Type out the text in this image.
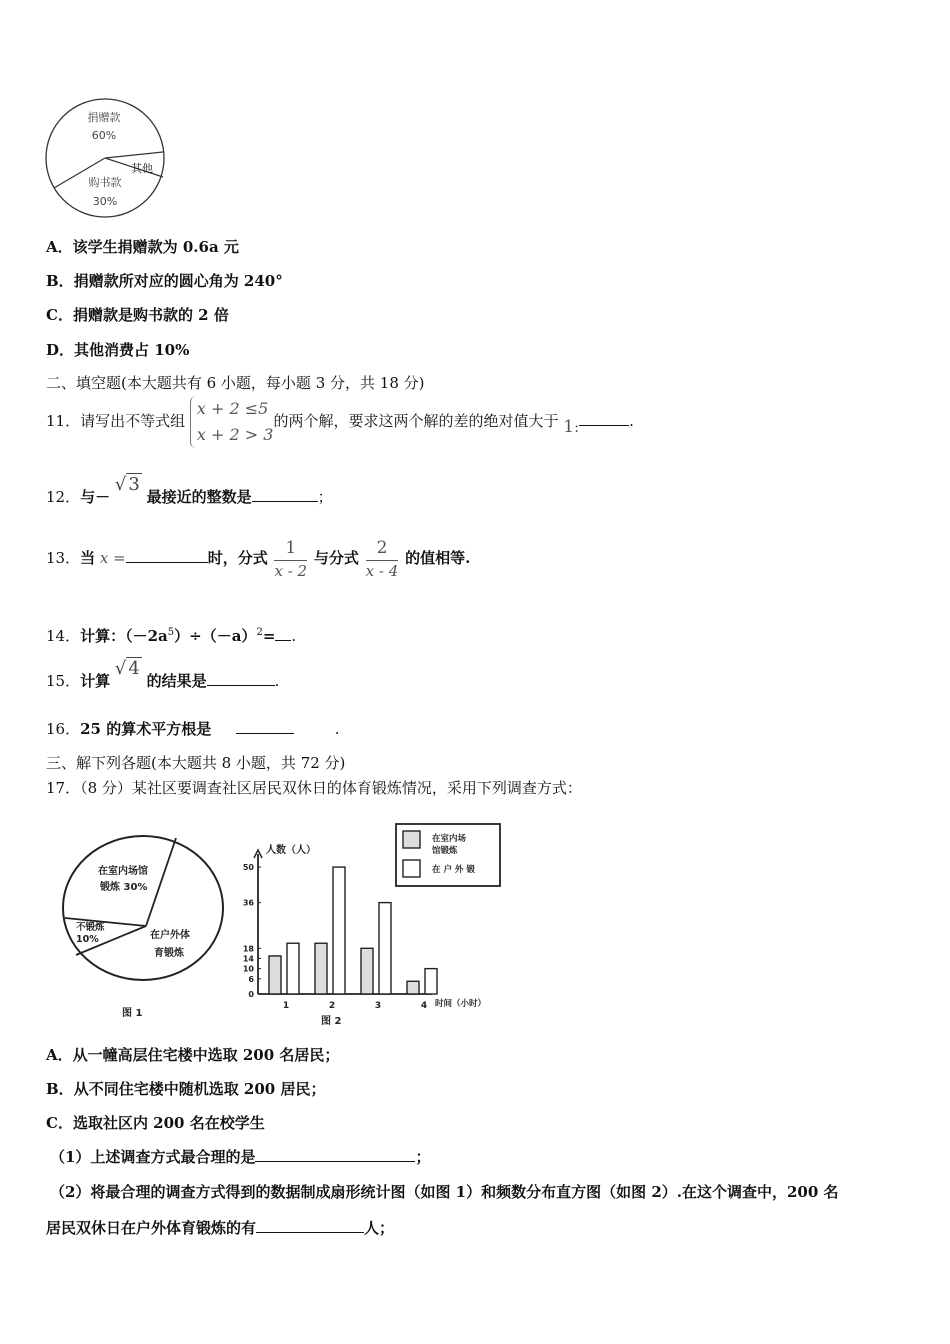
捐赠款
60%
其他
购书款
30%
A．该学生捐赠款为 0.6a 元
B．捐赠款所对应的圆心角为 240°
C．捐赠款是购书款的 2 倍
D．其他消费占 10%
二、填空题(本大题共有 6 小题，每小题 3 分，共 18 分)
11．请写出不等式组
x + 2 ≤5
x + 2 > 3
的两个解，要求这两个解的差的绝对值大于 1:	.
12．与－ √ 3 最接近的整数是	；
13．当 x =	时，分式 $\frac{1}{x - 2}$ 与分式 $\frac{2}{x - 4}$ 的值相等.
14．计算：$(-2a^5)\div(-a)^2=$ .
15．计算 √ 4 的结果是	.
16．25 的算术平方根是	.
三、解下列各题(本大题共 8 小题，共 72 分)
17．（8 分）某社区要调查社区居民双休日的体育锻炼情况，采用下列调查方式：
在室内场馆
锻炼 30%
不锻炼
10%	在户外体
育锻炼
图 1
0
6
10
14
18
36
50
1	2	3	4
在室内场
馆锻炼
在 户 外 锻
人数（人）
时间（小时）
图 2
A．从一幢高层住宅楼中选取 200 名居民；
B．从不同住宅楼中随机选取 200 居民；
C．选取社区内 200 名在校学生
（1）上述调查方式最合理的是	；
（2）将最合理的调查方式得到的数据制成扇形统计图（如图 1）和频数分布直方图（如图 2）.在这个调查中，200 名
居民双休日在户外体育锻炼的有	人；
